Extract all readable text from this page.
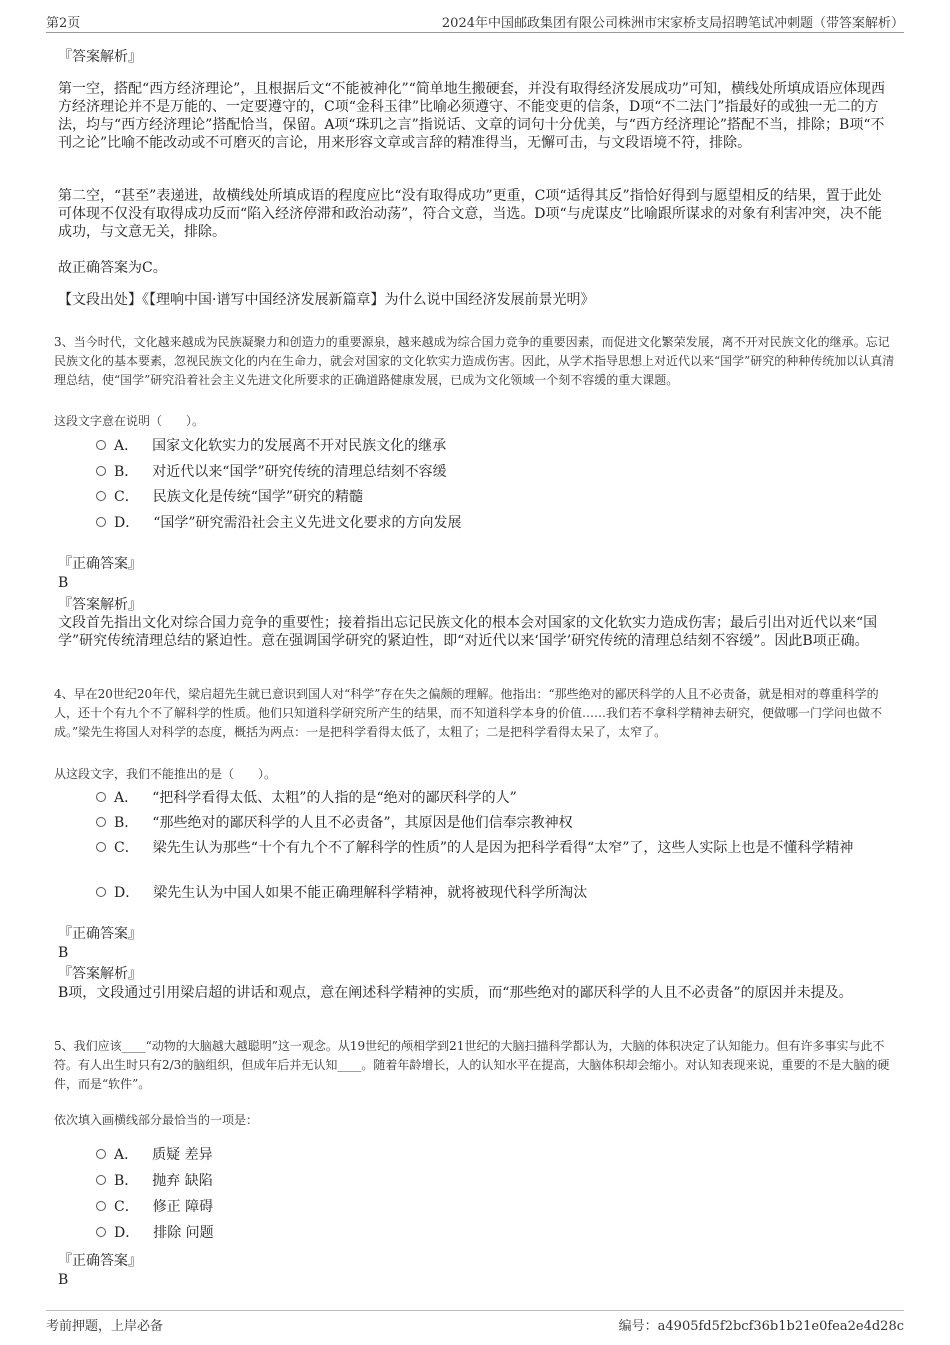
第2页	2024年中国邮政集团有限公司株洲市宋家桥支局招聘笔试冲刺题（带答案解析）
『答案解析』
第一空，搭配“西方经济理论”，且根据后文“不能被神化”“简单地生搬硬套，并没有取得经济发展成功”可知，横线处所填成语应体现西方经济理论并不是万能的、一定要遵守的，C项“金科玉律”比喻必须遵守、不能变更的信条，D项“不二法门”指最好的或独一无二的方法，均与“西方经济理论”搭配恰当，保留。A项“珠玑之言”指说话、文章的词句十分优美，与“西方经济理论”搭配不当，排除；B项“不刊之论”比喻不能改动或不可磨灭的言论，用来形容文章或言辞的精准得当，无懈可击，与文段语境不符，排除。
第二空，“甚至”表递进，故横线处所填成语的程度应比“没有取得成功”更重，C项“适得其反”指恰好得到与愿望相反的结果，置于此处可体现不仅没有取得成功反而“陷入经济停滞和政治动荡”，符合文意，当选。D项“与虎谋皮”比喻跟所谋求的对象有利害冲突，决不能成功，与文意无关，排除。
故正确答案为C。
【文段出处】《【理响中国·谱写中国经济发展新篇章】为什么说中国经济发展前景光明》
3、当今时代，文化越来越成为民族凝聚力和创造力的重要源泉，越来越成为综合国力竞争的重要因素，而促进文化繁荣发展，离不开对民族文化的继承。忘记民族文化的基本要素，忽视民族文化的内在生命力，就会对国家的文化软实力造成伤害。因此，从学术指导思想上对近代以来“国学”研究的种种传统加以认真清理总结，使“国学”研究沿着社会主义先进文化所要求的正确道路健康发展，已成为文化领域一个刻不容缓的重大课题。
这段文字意在说明（　　）。
A． 国家文化软实力的发展离不开对民族文化的继承
B． 对近代以来“国学”研究传统的清理总结刻不容缓
C． 民族文化是传统“国学”研究的精髓
D． “国学”研究需沿社会主义先进文化要求的方向发展
『正确答案』
B
『答案解析』
文段首先指出文化对综合国力竞争的重要性；接着指出忘记民族文化的根本会对国家的文化软实力造成伤害；最后引出对近代以来“国学”研究传统清理总结的紧迫性。意在强调国学研究的紧迫性，即“对近代以来‘国学’研究传统的清理总结刻不容缓”。因此B项正确。
4、早在20世纪20年代，梁启超先生就已意识到国人对“科学”存在失之偏颇的理解。他指出：“那些绝对的鄙厌科学的人且不必责备，就是相对的尊重科学的人，还十个有九个不了解科学的性质。他们只知道科学研究所产生的结果，而不知道科学本身的价值……我们若不拿科学精神去研究，便做哪一门学问也做不成。”梁先生将国人对科学的态度，概括为两点：一是把科学看得太低了，太粗了；二是把科学看得太呆了，太窄了。
从这段文字，我们不能推出的是（　　）。
A． “把科学看得太低、太粗”的人指的是“绝对的鄙厌科学的人”
B． “那些绝对的鄙厌科学的人且不必责备”，其原因是他们信奉宗教神权
C． 梁先生认为那些“十个有九个不了解科学的性质”的人是因为把科学看得“太窄”了，这些人实际上也是不懂科学精神
D． 梁先生认为中国人如果不能正确理解科学精神，就将被现代科学所淘汰
『正确答案』
B
『答案解析』
B项，文段通过引用梁启超的讲话和观点，意在阐述科学精神的实质，而“那些绝对的鄙厌科学的人且不必责备”的原因并未提及。
5、我们应该____“动物的大脑越大越聪明”这一观念。从19世纪的颅相学到21世纪的大脑扫描科学都认为，大脑的体积决定了认知能力。但有许多事实与此不符。有人出生时只有2/3的脑组织，但成年后并无认知____。随着年龄增长，人的认知水平在提高，大脑体积却会缩小。对认知表现来说，重要的不是大脑的硬件，而是“软件”。
依次填入画横线部分最恰当的一项是：
A． 质疑 差异
B． 抛弃 缺陷
C． 修正 障碍
D． 排除 问题
『正确答案』
B
考前押题，上岸必备	编号：a4905fd5f2bcf36b1b21e0fea2e4d28c
